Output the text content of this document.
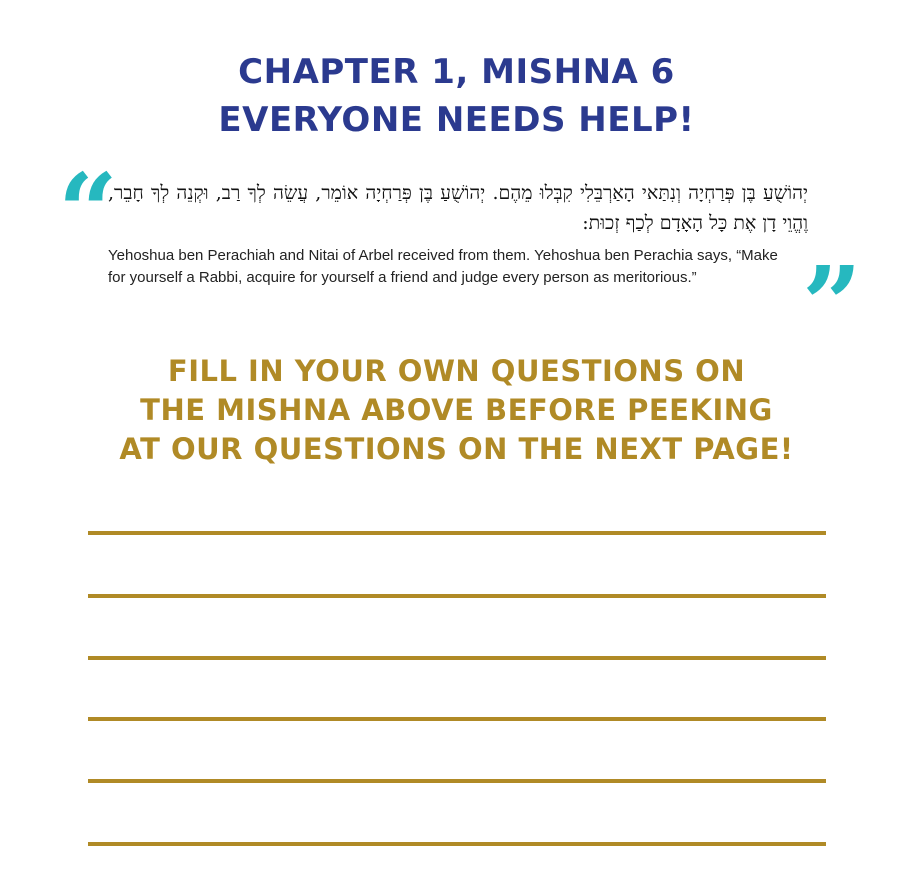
CHAPTER 1, MISHNA 6
EVERYONE NEEDS HELP!
“
יְהוֹשֻׁעַ בֶּן פְּרַחְיָה וְנִתַּאי הָאַרְבֵּלִי קִבְּלוּ מֵהֶם. יְהוֹשֻׁעַ בֶּן פְּרַחְיָה אוֹמֵר, עֲשֵׂה לְךָ רַב, וּקְנֵה לְךָ חָבֵר, וֶהֱוֵי דָן אֶת כָּל הָאָדָם לְכַף זְכוּת:
Yehoshua ben Perachiah and Nitai of Arbel received from them. Yehoshua ben Perachia says, “Make for yourself a Rabbi, acquire for yourself a friend and judge every person as meritorious.”	”
FILL IN YOUR OWN QUESTIONS ON
THE MISHNA ABOVE BEFORE PEEKING
AT OUR QUESTIONS ON THE NEXT PAGE!
